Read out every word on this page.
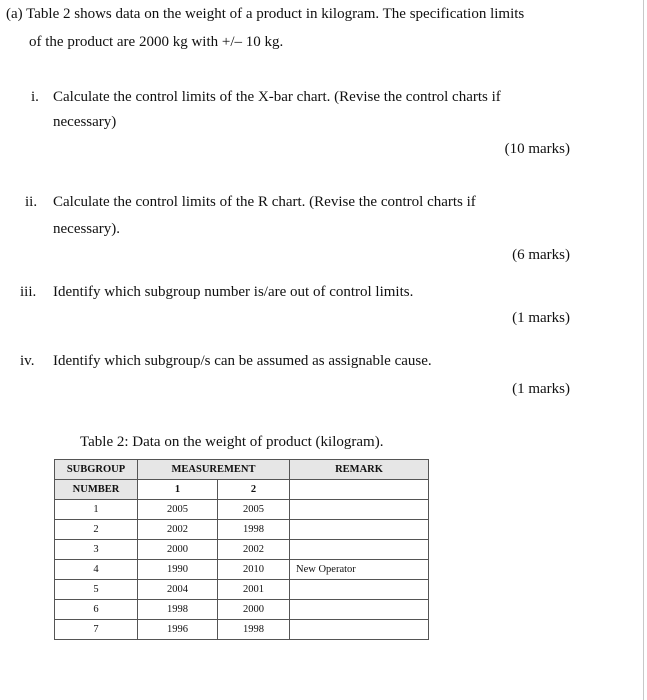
(a) Table 2 shows data on the weight of a product in kilogram. The specification limits
of the product are 2000 kg with +/– 10 kg.
i. Calculate the control limits of the X-bar chart. (Revise the control charts if
necessary)
(10 marks)
ii. Calculate the control limits of the R chart. (Revise the control charts if
necessary).
(6 marks)
iii. Identify which subgroup number is/are out of control limits.
(1 marks)
iv. Identify which subgroup/s can be assumed as assignable cause.
(1 marks)
Table 2: Data on the weight of product (kilogram).
SUBGROUP	MEASUREMENT		REMARK
NUMBER	1	2	
1	2005	2005	
2	2002	1998	
3	2000	2002	
4	1990	2010	New Operator
5	2004	2001	
6	1998	2000	
7	1996	1998	
